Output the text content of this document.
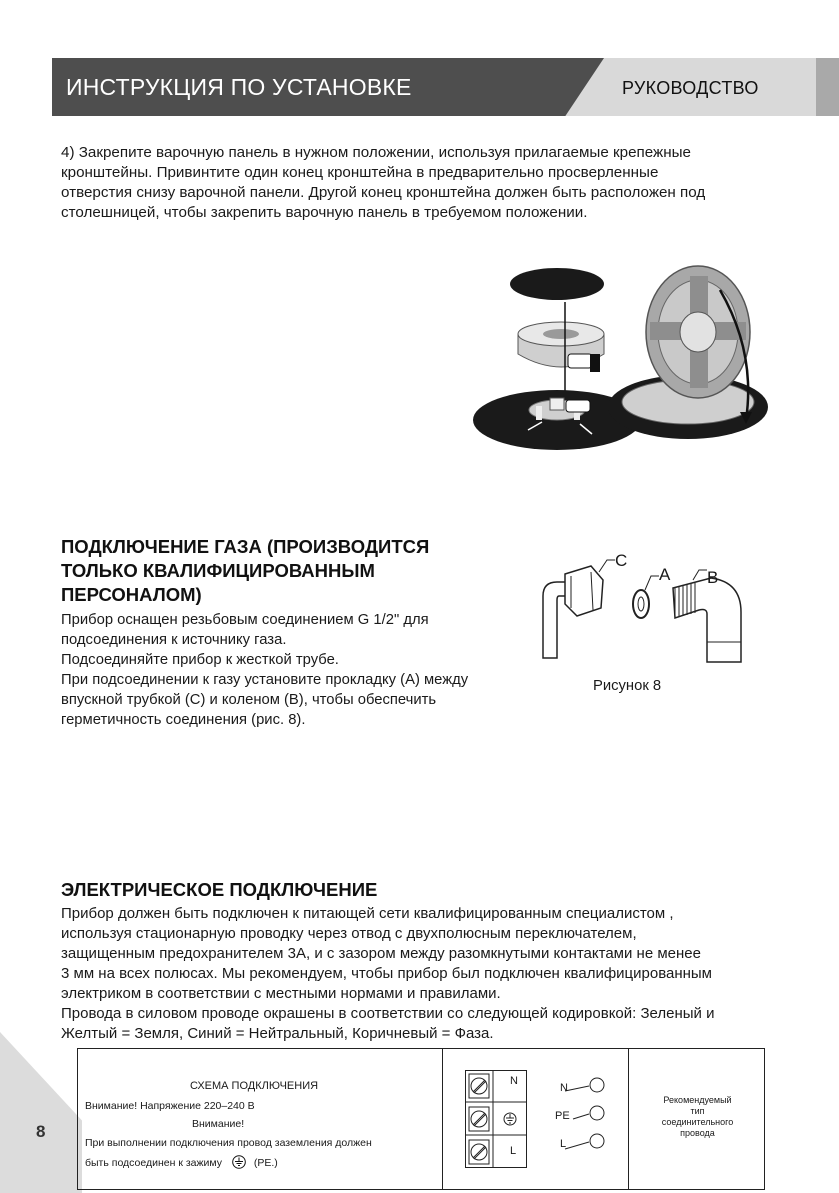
ИНСТРУКЦИЯ ПО УСТАНОВКЕ	РУКОВОДСТВО
4) Закрепите варочную панель в нужном положении, используя прилагаемые крепежные
кронштейны. Привинтите один конец кронштейна в предварительно просверленные
отверстия снизу варочной панели. Другой конец кронштейна должен быть расположен под
столешницей, чтобы закрепить варочную панель в требуемом положении.
ПОДКЛЮЧЕНИЕ ГАЗА (ПРОИЗВОДИТСЯ
ТОЛЬКО КВАЛИФИЦИРОВАННЫМ
ПЕРСОНАЛОМ)
Прибор оснащен резьбовым соединением G 1/2" для
подсоединения к источнику газа.
Подсоединяйте прибор к жесткой трубе.
При подсоединении к газу установите прокладку (A) между
впускной трубкой (C) и коленом (B), чтобы обеспечить
герметичность соединения (рис. 8).
C
A B
Рисунок 8
ЭЛЕКТРИЧЕСКОЕ ПОДКЛЮЧЕНИЕ
Прибор должен быть подключен к питающей сети квалифицированным специалистом ,
используя стационарную проводку через отвод с двухполюсным переключателем,
защищенным предохранителем 3А, и с зазором между разомкнутыми контактами не менее
3 мм на всех полюсах. Мы рекомендуем, чтобы прибор был подключен квалифицированным
электриком в соответствии с местными нормами и правилами.
Провода в силовом проводе окрашены в соответствии со следующей кодировкой: Зеленый и
Желтый = Земля, Синий = Нейтральный, Коричневый = Фаза.
8
СХЕМА ПОДКЛЮЧЕНИЯ
Внимание! Напряжение 220–240 В
Внимание!
При выполнении подключения провод заземления должен
быть подсоединен к зажиму	(PE.)
N
L
N
PE
L
Рекомендуемый
тип
соединительного
провода
